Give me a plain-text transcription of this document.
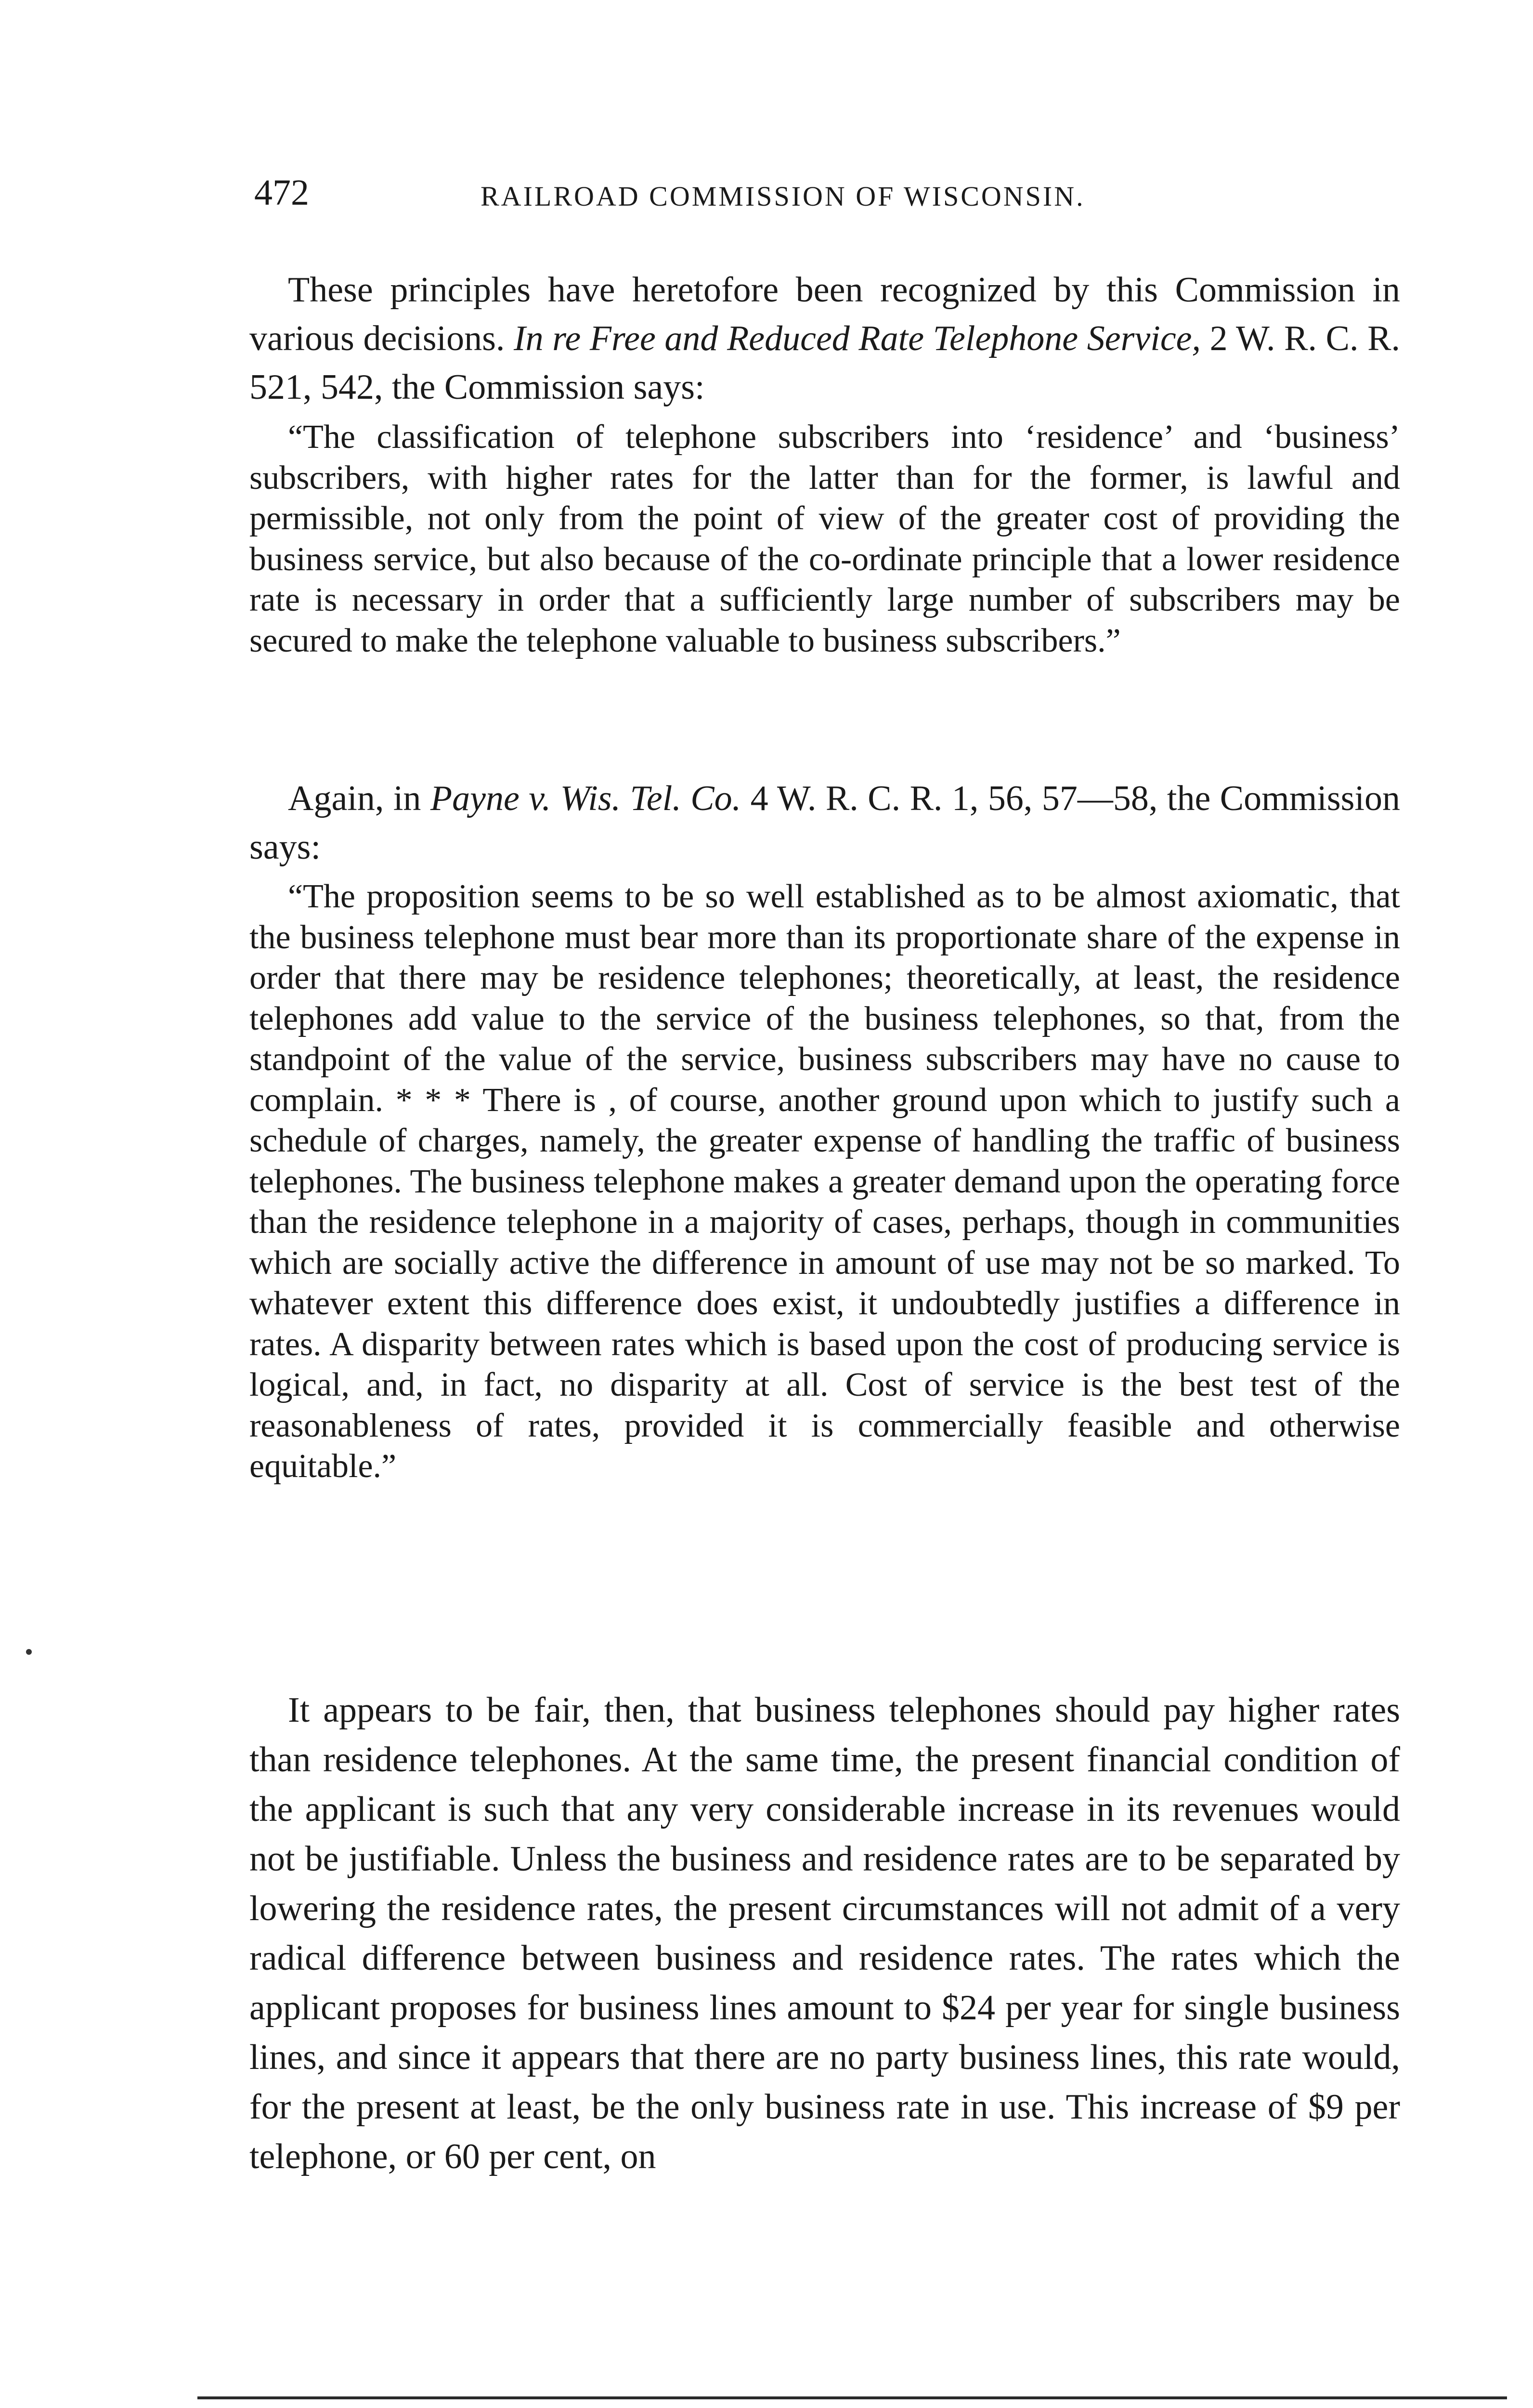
472	RAILROAD COMMISSION OF WISCONSIN.
These principles have heretofore been recognized by this Commission in various decisions. In re Free and Reduced Rate Telephone Service, 2 W. R. C. R. 521, 542, the Commission says:
“The classification of telephone subscribers into ‘residence’ and ‘business’ subscribers, with higher rates for the latter than for the former, is lawful and permissible, not only from the point of view of the greater cost of providing the business service, but also because of the co-ordinate principle that a lower residence rate is necessary in order that a sufficiently large number of subscribers may be secured to make the telephone valuable to business subscribers.”
Again, in Payne v. Wis. Tel. Co. 4 W. R. C. R. 1, 56, 57—58, the Commission says:
“The proposition seems to be so well established as to be almost axiomatic, that the business telephone must bear more than its proportionate share of the expense in order that there may be residence telephones; theoretically, at least, the residence telephones add value to the service of the business telephones, so that, from the standpoint of the value of the service, business subscribers may have no cause to complain. * * * There is , of course, another ground upon which to justify such a schedule of charges, namely, the greater expense of handling the traffic of business telephones. The business telephone makes a greater demand upon the operating force than the residence telephone in a majority of cases, perhaps, though in communities which are socially active the difference in amount of use may not be so marked. To whatever extent this difference does exist, it undoubtedly justifies a difference in rates. A disparity between rates which is based upon the cost of producing service is logical, and, in fact, no disparity at all. Cost of service is the best test of the reasonableness of rates, provided it is commercially feasible and otherwise equitable.”
It appears to be fair, then, that business telephones should pay higher rates than residence telephones. At the same time, the present financial condition of the applicant is such that any very considerable increase in its revenues would not be justifiable. Unless the business and residence rates are to be separated by lowering the residence rates, the present circumstances will not admit of a very radical difference between business and residence rates. The rates which the applicant proposes for business lines amount to $24 per year for single business lines, and since it appears that there are no party business lines, this rate would, for the present at least, be the only business rate in use. This increase of $9 per telephone, or 60 per cent, on
